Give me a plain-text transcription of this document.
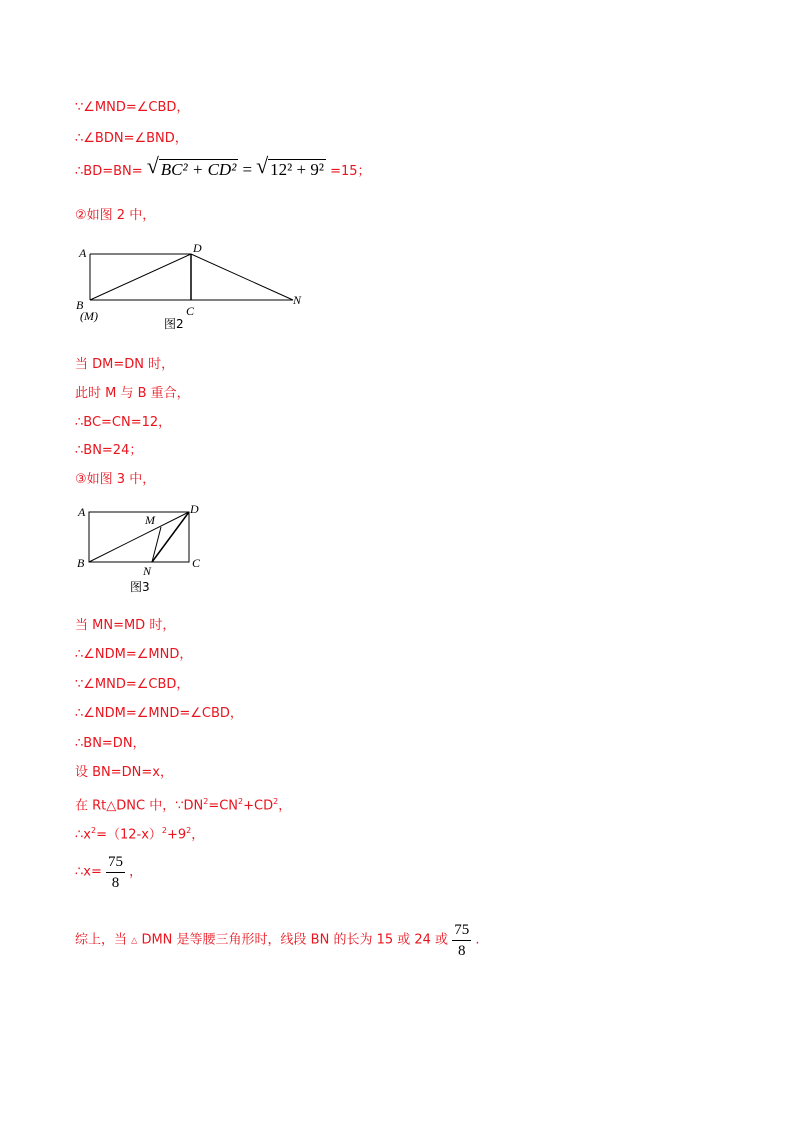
∵∠MND=∠CBD，
∴∠BDN=∠BND，
∴BD=BN= √ BC² + CD² = √ 12² + 9² =15；
②如图 2 中，
A	D
B
(M)	C
N
图2
当 DM=DN 时，
此时 M 与 B 重合，
∴BC=CN=12，
∴BN=24；
③如图 3 中，
A	D
M
B
N
C
图3
当 MN=MD 时，
∴∠NDM=∠MND，
∵∠MND=∠CBD，
∴∠NDM=∠MND=∠CBD，
∴BN=DN，
设 BN=DN=x，
在 Rt△DNC 中，$\because DN^2=CN^2+CD^2$，
$\therefore x^2=(12-x)^2+9^2$，
∴x= $\frac{75}{8}$ ，
综上，当 △ DMN 是等腰三角形时，线段 BN 的长为 15 或 24 或 $\frac{75}{8}$ .
